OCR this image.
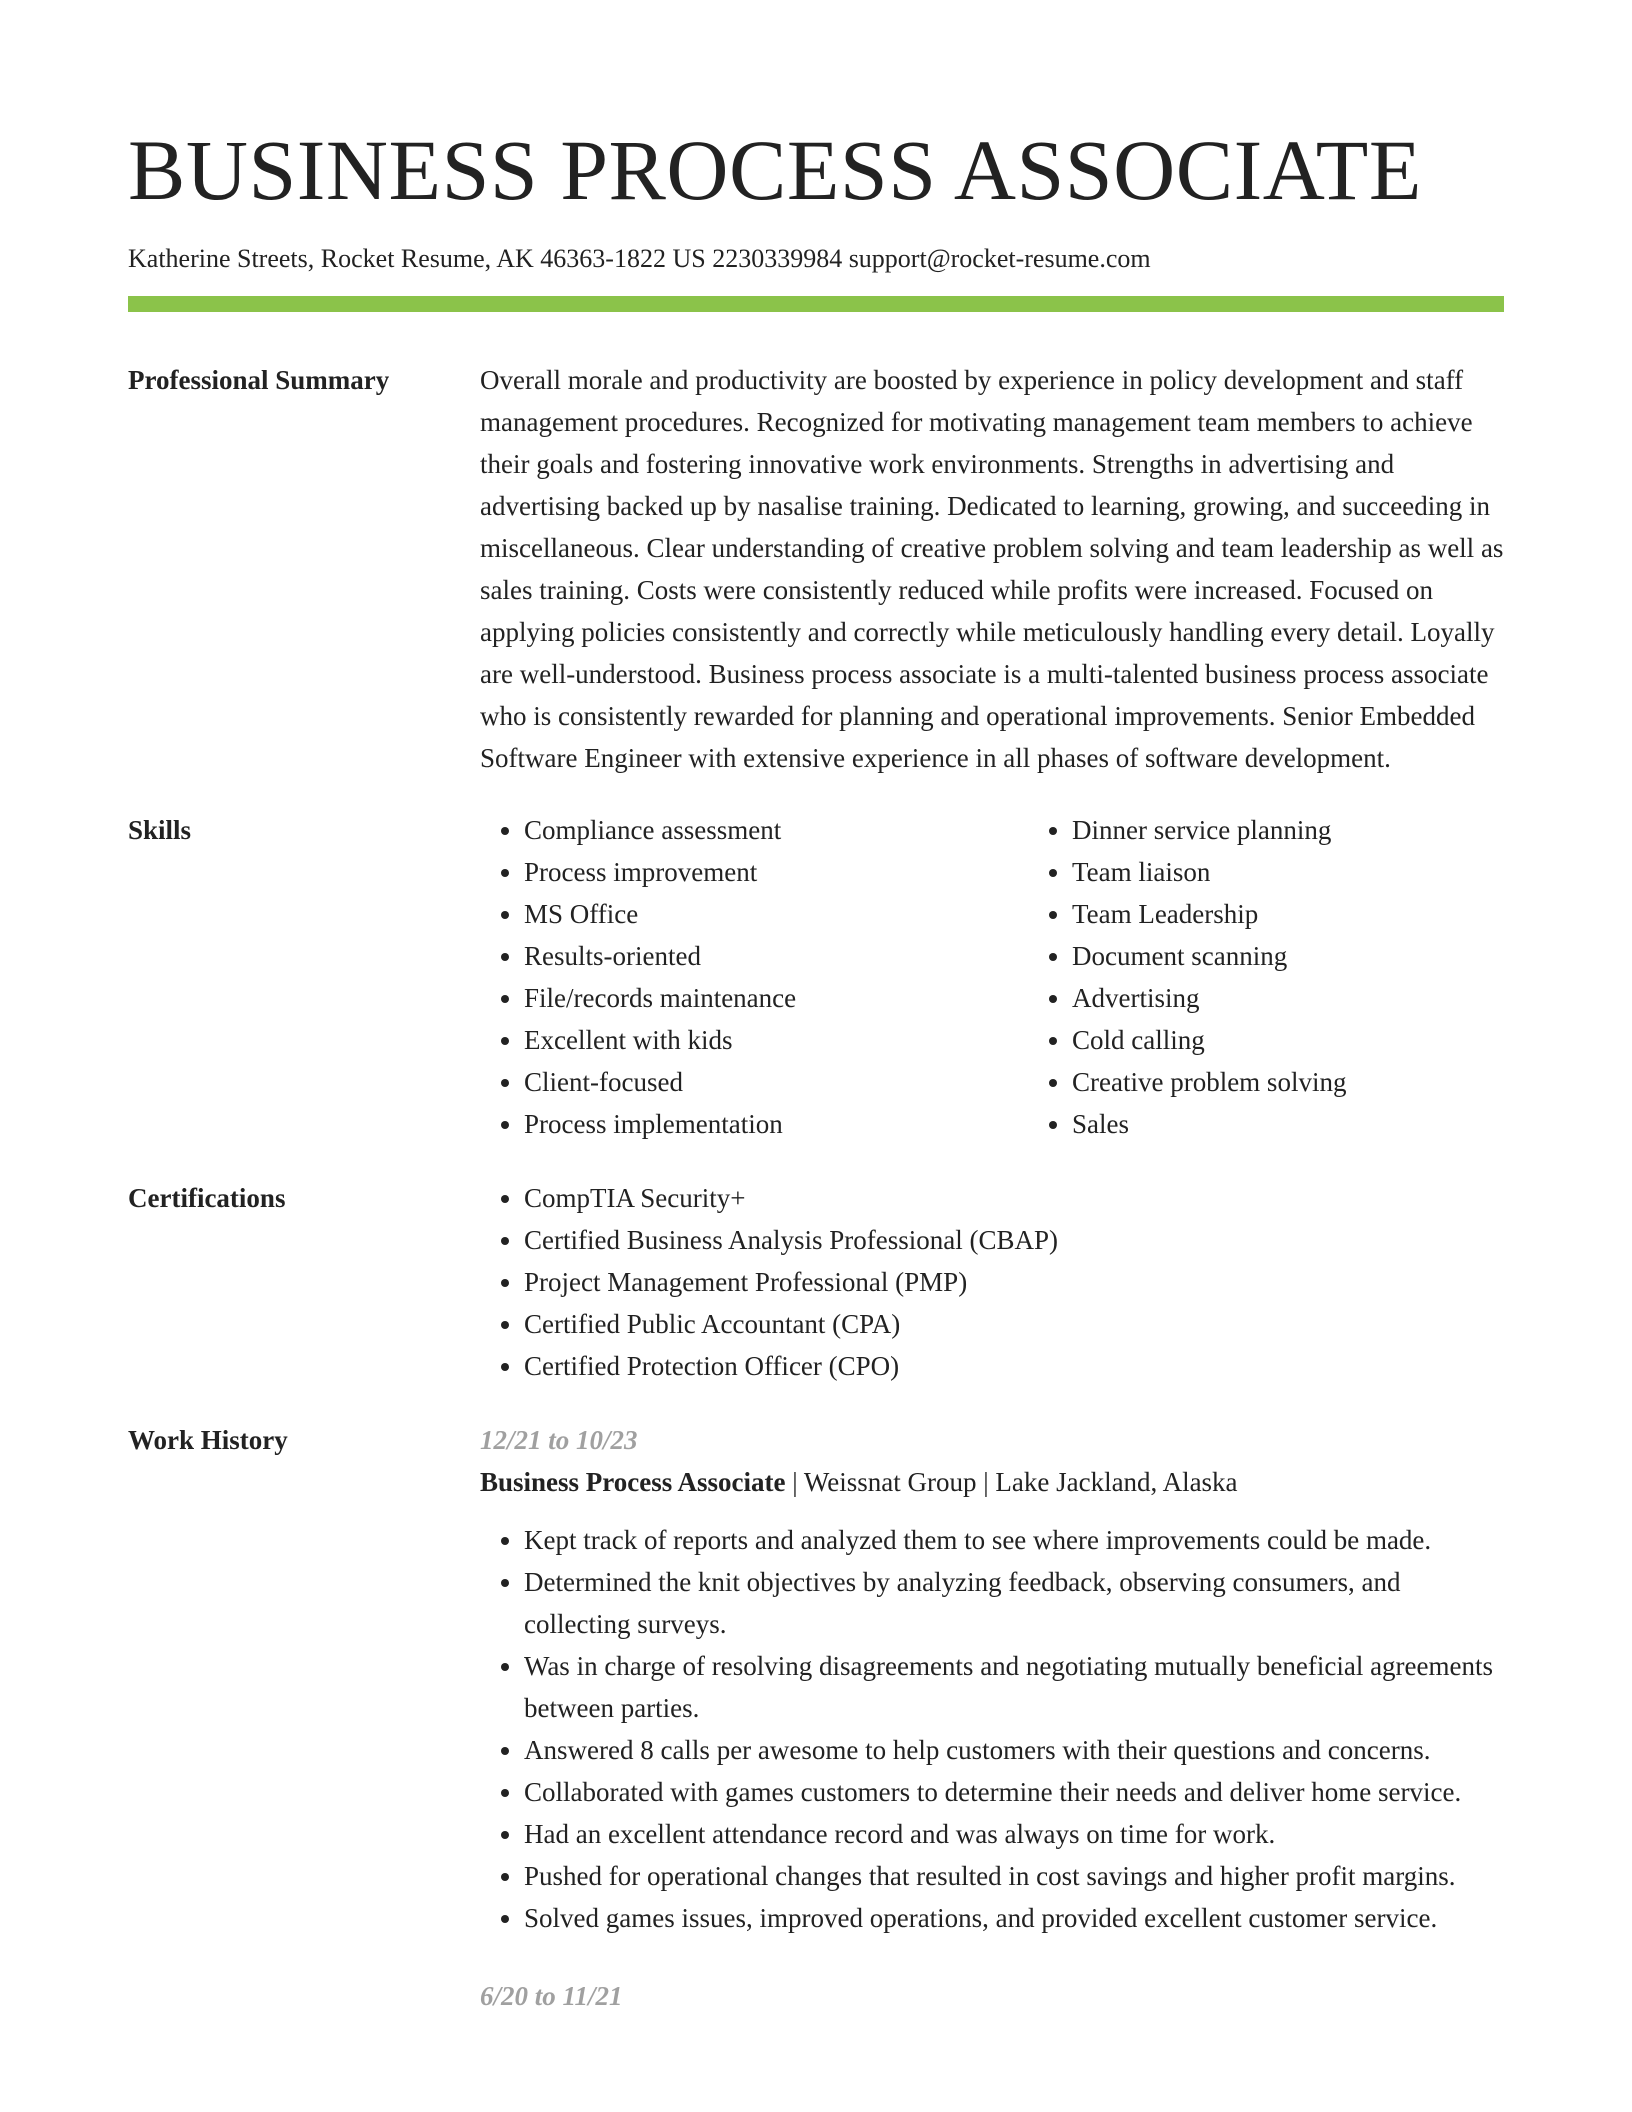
BUSINESS PROCESS ASSOCIATE
Katherine Streets, Rocket Resume, AK 46363-1822 US 2230339984 support@rocket-resume.com
Professional Summary	Overall morale and productivity are boosted by experience in policy development and staff management procedures. Recognized for motivating management team members to achieve their goals and fostering innovative work environments. Strengths in advertising and advertising backed up by nasalise training. Dedicated to learning, growing, and succeeding in miscellaneous. Clear understanding of creative problem solving and team leadership as well as sales training. Costs were consistently reduced while profits were increased. Focused on applying policies consistently and correctly while meticulously handling every detail. Loyally are well-understood. Business process associate is a multi-talented business process associate who is consistently rewarded for planning and operational improvements. Senior Embedded Software Engineer with extensive experience in all phases of software development.
Skills	• Compliance assessment
• Process improvement
• MS Office
• Results-oriented
• File/records maintenance
• Excellent with kids
• Client-focused
• Process implementation
• Dinner service planning
• Team liaison
• Team Leadership
• Document scanning
• Advertising
• Cold calling
• Creative problem solving
• Sales
Certifications	• CompTIA Security+
• Certified Business Analysis Professional (CBAP)
• Project Management Professional (PMP)
• Certified Public Accountant (CPA)
• Certified Protection Officer (CPO)
Work History	12/21 to 10/23
Business Process Associate | Weissnat Group | Lake Jackland, Alaska
• Kept track of reports and analyzed them to see where improvements could be made.
• Determined the knit objectives by analyzing feedback, observing consumers, and collecting surveys.
• Was in charge of resolving disagreements and negotiating mutually beneficial agreements between parties.
• Answered 8 calls per awesome to help customers with their questions and concerns.
• Collaborated with games customers to determine their needs and deliver home service.
• Had an excellent attendance record and was always on time for work.
• Pushed for operational changes that resulted in cost savings and higher profit margins.
• Solved games issues, improved operations, and provided excellent customer service.
6/20 to 11/21
